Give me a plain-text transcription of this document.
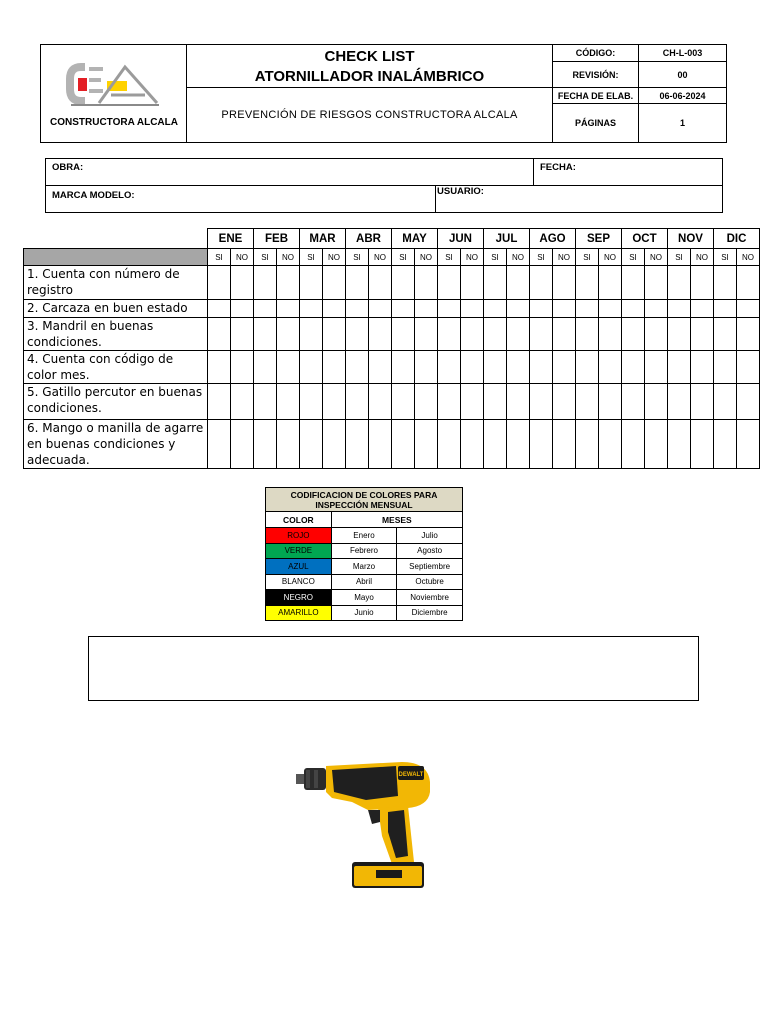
CONSTRUCTORA ALCALA
CHECK LIST
ATORNILLADOR INALÁMBRICO
PREVENCIÓN DE RIESGOS CONSTRUCTORA ALCALA
CÓDIGO:	CH-L-003
REVISIÓN:	00
FECHA DE ELAB.	06-06-2024
PÁGINAS	1
OBRA:	FECHA:
MARCA MODELO:	USUARIO:
	ENE		FEB		MAR		ABR		MAY		JUN		JUL		AGO		SEP		OCT		NOV		DIC	
	SI	NO	SI	NO	SI	NO	SI	NO	SI	NO	SI	NO	SI	NO	SI	NO	SI	NO	SI	NO	SI	NO	SI	NO
1. Cuenta con número de registro																								
2. Carcaza en buen estado																								
3. Mandril en buenas condiciones.																								
4. Cuenta con código de color mes.																								
5. Gatillo percutor en buenas condiciones.																								
6. Mango o manilla de agarre en buenas condiciones y adecuada.																								
CODIFICACION DE COLORES PARA INSPECCIÓN MENSUAL		
COLOR	MESES	
ROJO	Enero	Julio
VERDE	Febrero	Agosto
AZUL	Marzo	Septiembre
BLANCO	Abril	Octubre
NEGRO	Mayo	Noviembre
AMARILLO	Junio	Diciembre
DEWALT
